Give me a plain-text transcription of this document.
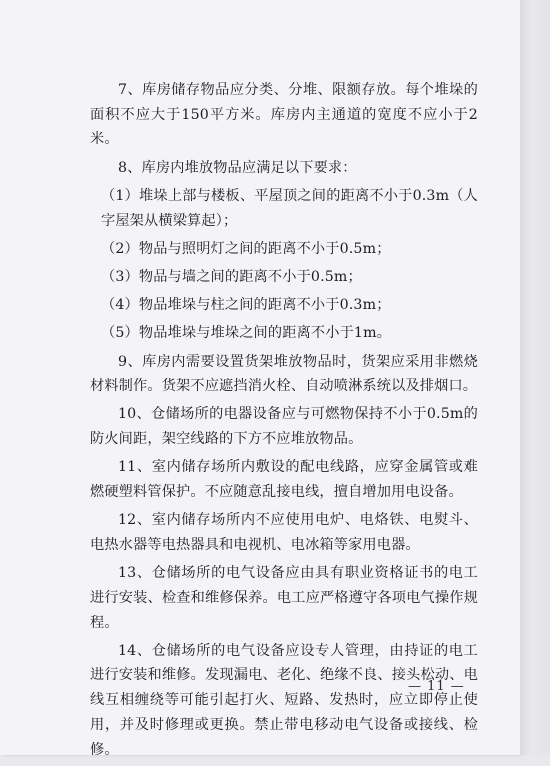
7、库房储存物品应分类、分堆、限额存放。每个堆垛的面积不应大于150平方米。库房内主通道的宽度不应小于2米。

8、库房内堆放物品应满足以下要求：

（1）堆垛上部与楼板、平屋顶之间的距离不小于0.3m（人字屋架从横梁算起）；

（2）物品与照明灯之间的距离不小于0.5m；

（3）物品与墙之间的距离不小于0.5m；

（4）物品堆垛与柱之间的距离不小于0.3m；

（5）物品堆垛与堆垛之间的距离不小于1m。

9、库房内需要设置货架堆放物品时，货架应采用非燃烧材料制作。货架不应遮挡消火栓、自动喷淋系统以及排烟口。

10、仓储场所的电器设备应与可燃物保持不小于0.5m的防火间距，架空线路的下方不应堆放物品。

11、室内储存场所内敷设的配电线路，应穿金属管或难燃硬塑料管保护。不应随意乱接电线，擅自增加用电设备。

12、室内储存场所内不应使用电炉、电烙铁、电熨斗、电热水器等电热器具和电视机、电冰箱等家用电器。

13、仓储场所的电气设备应由具有职业资格证书的电工进行安装、检查和维修保养。电工应严格遵守各项电气操作规程。

14、仓储场所的电气设备应设专人管理，由持证的电工进行安装和维修。发现漏电、老化、绝缘不良、接头松动、电线互相缠绕等可能引起打火、短路、发热时，应立即停止使用，并及时修理或更换。禁止带电移动电气设备或接线、检修。

— 11 —
